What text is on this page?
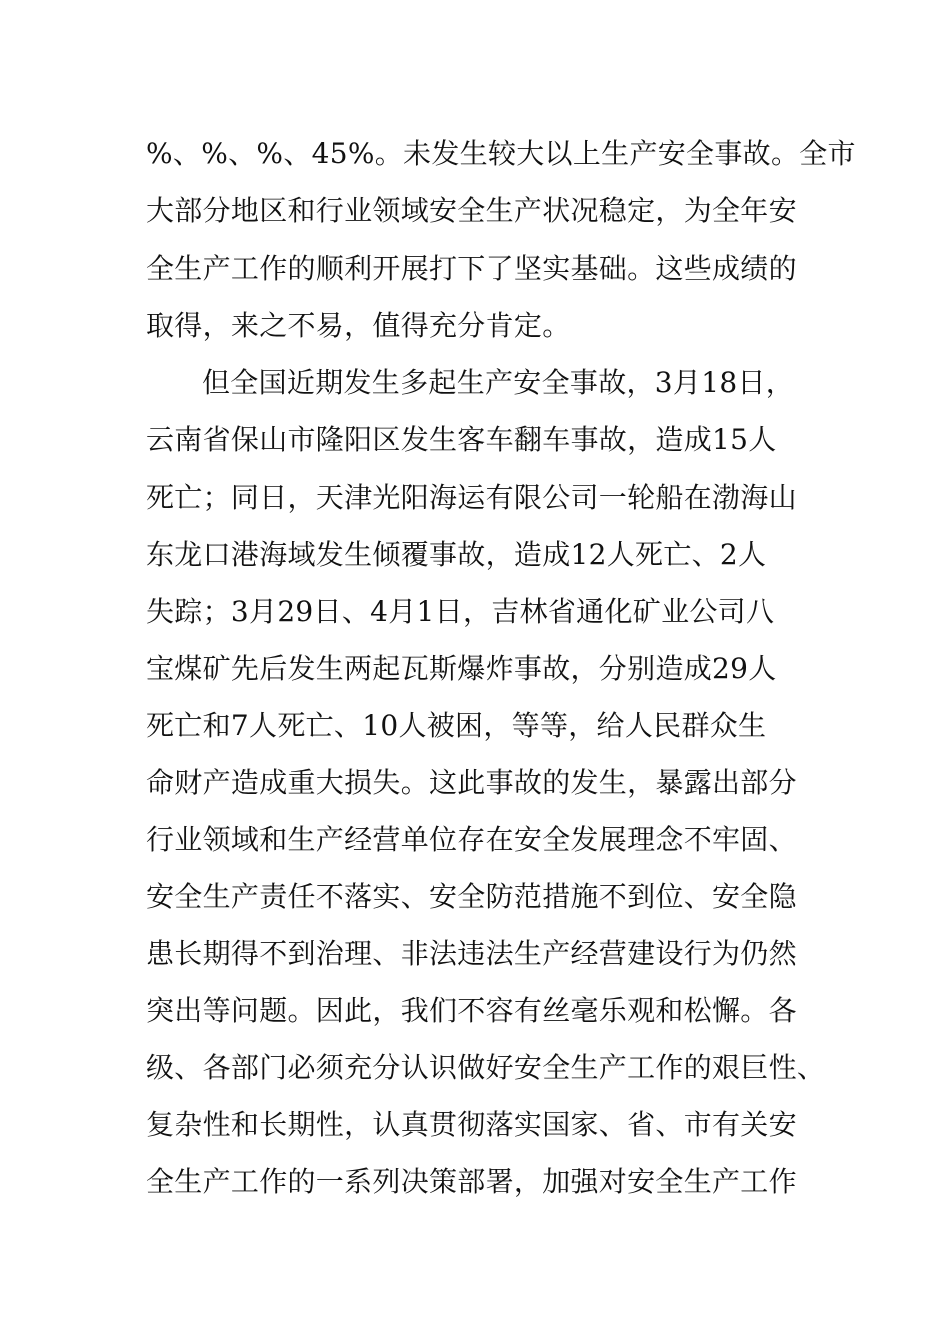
%、%、%、45%。未发生较大以上生产安全事故。全市
大部分地区和行业领域安全生产状况稳定，为全年安
全生产工作的顺利开展打下了坚实基础。这些成绩的
取得，来之不易，值得充分肯定。
但全国近期发生多起生产安全事故，3月18日，
云南省保山市隆阳区发生客车翻车事故，造成15人
死亡；同日，天津光阳海运有限公司一轮船在渤海山
东龙口港海域发生倾覆事故，造成12人死亡、2人
失踪；3月29日、4月1日，吉林省通化矿业公司八
宝煤矿先后发生两起瓦斯爆炸事故，分别造成29人
死亡和7人死亡、10人被困，等等，给人民群众生
命财产造成重大损失。这此事故的发生，暴露出部分
行业领域和生产经营单位存在安全发展理念不牢固、
安全生产责任不落实、安全防范措施不到位、安全隐
患长期得不到治理、非法违法生产经营建设行为仍然
突出等问题。因此，我们不容有丝毫乐观和松懈。各
级、各部门必须充分认识做好安全生产工作的艰巨性、
复杂性和长期性，认真贯彻落实国家、省、市有关安
全生产工作的一系列决策部署，加强对安全生产工作
